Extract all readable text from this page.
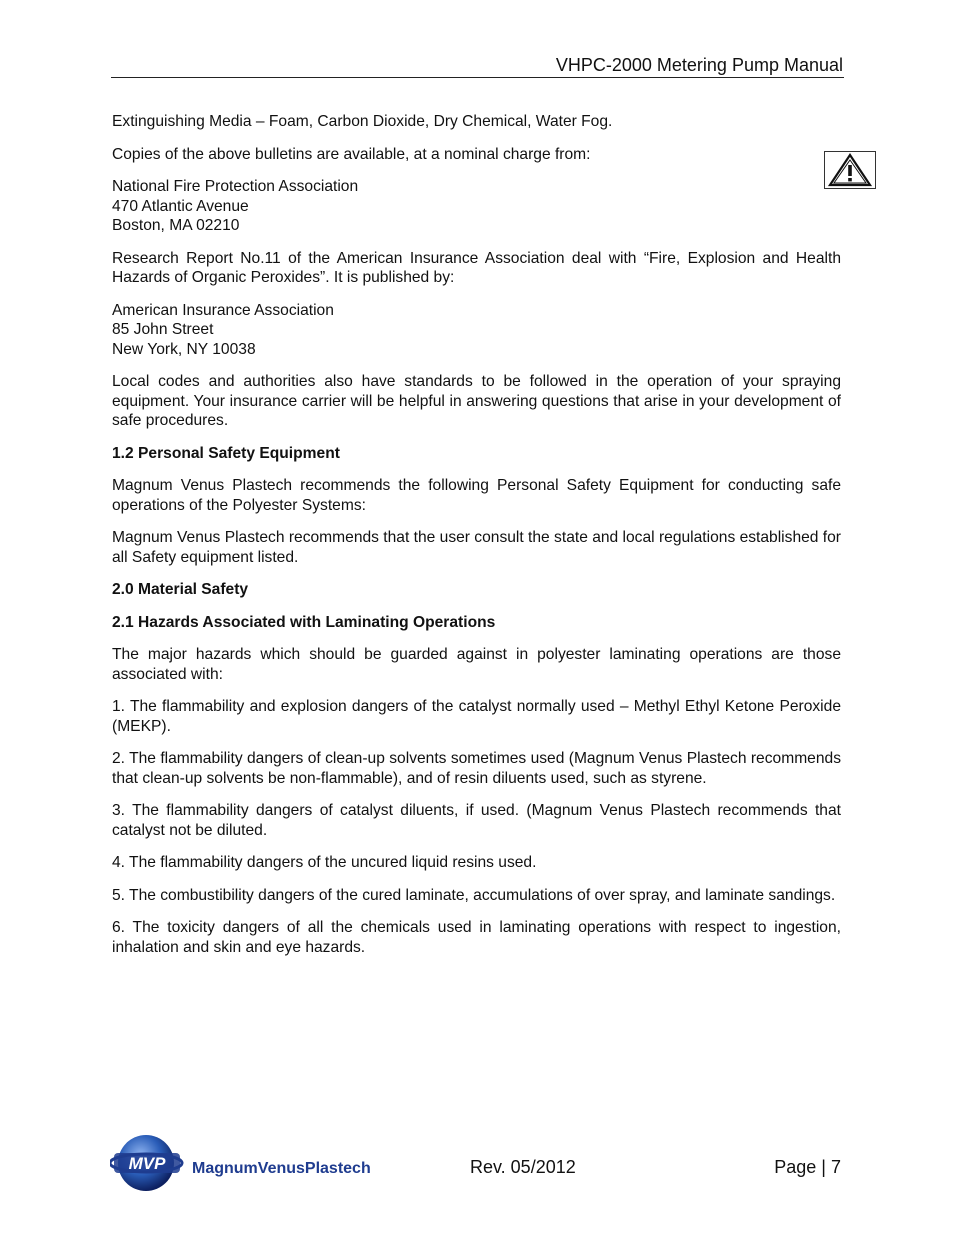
VHPC-2000 Metering Pump Manual

Extinguishing Media – Foam, Carbon Dioxide, Dry Chemical, Water Fog.

Copies of the above bulletins are available, at a nominal charge from:

National Fire Protection Association
470 Atlantic Avenue
Boston, MA 02210

Research Report No.11 of the American Insurance Association deal with “Fire, Explosion and Health Hazards of Organic Peroxides”. It is published by:

American Insurance Association
85 John Street
New York, NY 10038

Local codes and authorities also have standards to be followed in the operation of your spraying equipment. Your insurance carrier will be helpful in answering questions that arise in your development of safe procedures.

1.2 Personal Safety Equipment

Magnum Venus Plastech recommends the following Personal Safety Equipment for conducting safe operations of the Polyester Systems:

Magnum Venus Plastech recommends that the user consult the state and local regulations established for all Safety equipment listed.

2.0 Material Safety
2.1 Hazards Associated with Laminating Operations

The major hazards which should be guarded against in polyester laminating operations are those associated with:

1. The flammability and explosion dangers of the catalyst normally used – Methyl Ethyl Ketone Peroxide (MEKP).

2. The flammability dangers of clean-up solvents sometimes used (Magnum Venus Plastech recommends that clean-up solvents be non-flammable), and of resin diluents used, such as styrene.

3. The flammability dangers of catalyst diluents, if used. (Magnum Venus Plastech recommends that catalyst not be diluted.

4. The flammability dangers of the uncured liquid resins used.

5. The combustibility dangers of the cured laminate, accumulations of over spray, and laminate sandings.

6. The toxicity dangers of all the chemicals used in laminating operations with respect to ingestion, inhalation and skin and eye hazards.

MVP MagnumVenusPlastech	Rev. 05/2012	Page | 7
